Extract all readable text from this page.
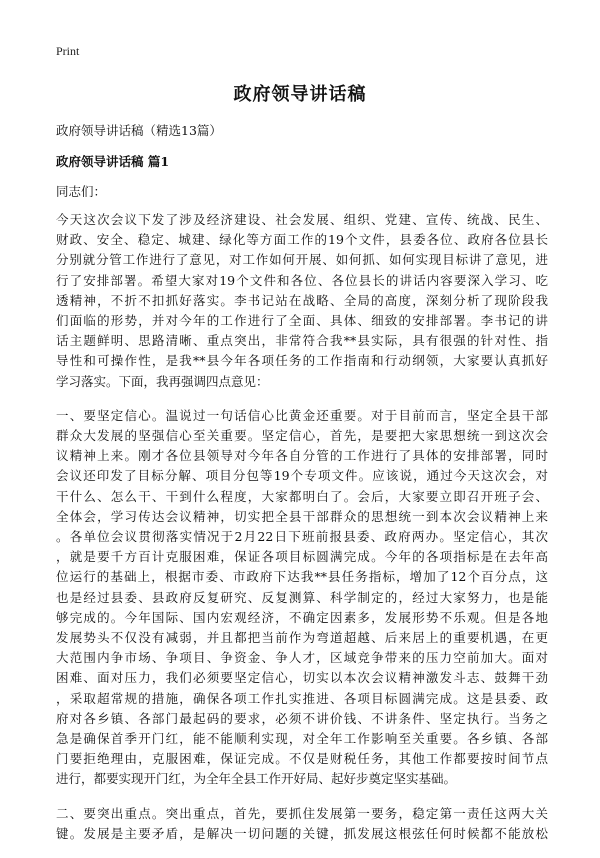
Print
政府领导讲话稿
政府领导讲话稿（精选13篇）
政府领导讲话稿 篇1
同志们：
今天这次会议下发了涉及经济建设、社会发展、组织、党建、宣传、统战、民生、
财政、安全、稳定、城建、绿化等方面工作的19个文件，县委各位、政府各位县长
分别就分管工作进行了意见，对工作如何开展、如何抓、如何实现目标讲了意见，进
行了安排部署。希望大家对19个文件和各位、各位县长的讲话内容要深入学习、吃
透精神，不折不扣抓好落实。李书记站在战略、全局的高度，深刻分析了现阶段我
们面临的形势，并对今年的工作进行了全面、具体、细致的安排部署。李书记的讲
话主题鲜明、思路清晰、重点突出，非常符合我**县实际，具有很强的针对性、指
导性和可操作性，是我**县今年各项任务的工作指南和行动纲领，大家要认真抓好
学习落实。下面，我再强调四点意见：
一、要坚定信心。温说过一句话信心比黄金还重要。对于目前而言，坚定全县干部
群众大发展的坚强信心至关重要。坚定信心，首先，是要把大家思想统一到这次会
议精神上来。刚才各位县领导对今年各自分管的工作进行了具体的安排部署，同时
会议还印发了目标分解、项目分包等19个专项文件。应该说，通过今天这次会，对
干什么、怎么干、干到什么程度，大家都明白了。会后，大家要立即召开班子会、
全体会，学习传达会议精神，切实把全县干部群众的思想统一到本次会议精神上来
。各单位会议贯彻落实情况于2月22日下班前报县委、政府两办。坚定信心，其次
，就是要千方百计克服困难，保证各项目标圆满完成。今年的各项指标是在去年高
位运行的基础上，根据市委、市政府下达我**县任务指标，增加了12个百分点，这
也是经过县委、县政府反复研究、反复测算、科学制定的，经过大家努力，也是能
够完成的。今年国际、国内宏观经济，不确定因素多，发展形势不乐观。但是各地
发展势头不仅没有减弱，并且都把当前作为弯道超越、后来居上的重要机遇，在更
大范围内争市场、争项目、争资金、争人才，区域竞争带来的压力空前加大。面对
困难、面对压力，我们必须要坚定信心，切实以本次会议精神激发斗志、鼓舞干劲
，采取超常规的措施，确保各项工作扎实推进、各项目标圆满完成。这是县委、政
府对各乡镇、各部门最起码的要求，必须不讲价钱、不讲条件、坚定执行。当务之
急是确保首季开门红，能不能顺利实现，对全年工作影响至关重要。各乡镇、各部
门要拒绝理由，克服困难，保证完成。不仅是财税任务，其他工作都要按时间节点
进行，都要实现开门红，为全年全县工作开好局、起好步奠定坚实基础。
二、要突出重点。突出重点，首先，要抓住发展第一要务，稳定第一责任这两大关
键。发展是主要矛盾，是解决一切问题的关键，抓发展这根弦任何时候都不能放松
